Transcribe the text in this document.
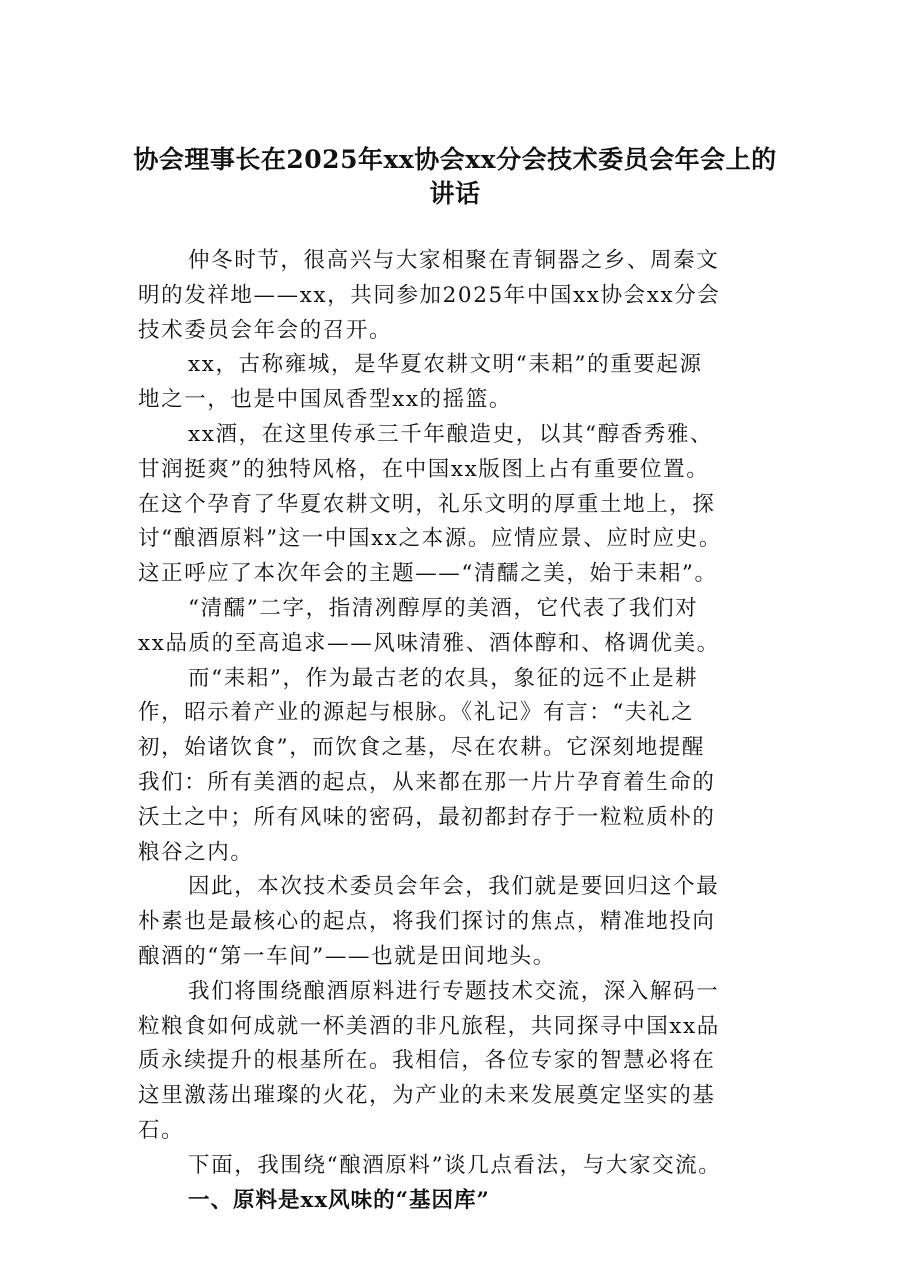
协会理事长在2025年xx协会xx分会技术委员会年会上的
讲话

仲冬时节，很高兴与大家相聚在青铜器之乡、周秦文
明的发祥地——xx，共同参加2025年中国xx协会xx分会
技术委员会年会的召开。

xx，古称雍城，是华夏农耕文明“耒耜”的重要起源
地之一，也是中国凤香型xx的摇篮。

xx酒，在这里传承三千年酿造史，以其“醇香秀雅、
甘润挺爽”的独特风格，在中国xx版图上占有重要位置。
在这个孕育了华夏农耕文明，礼乐文明的厚重土地上，探
讨“酿酒原料”这一中国xx之本源。应情应景、应时应史。
这正呼应了本次年会的主题——“清醹之美，始于耒耜”。

“清醹”二字，指清冽醇厚的美酒，它代表了我们对
xx品质的至高追求——风味清雅、酒体醇和、格调优美。

而“耒耜”，作为最古老的农具，象征的远不止是耕
作，昭示着产业的源起与根脉。《礼记》有言：“夫礼之
初，始诸饮食”，而饮食之基，尽在农耕。它深刻地提醒
我们：所有美酒的起点，从来都在那一片片孕育着生命的
沃土之中；所有风味的密码，最初都封存于一粒粒质朴的
粮谷之内。

因此，本次技术委员会年会，我们就是要回归这个最
朴素也是最核心的起点，将我们探讨的焦点，精准地投向
酿酒的“第一车间”——也就是田间地头。

我们将围绕酿酒原料进行专题技术交流，深入解码一
粒粮食如何成就一杯美酒的非凡旅程，共同探寻中国xx品
质永续提升的根基所在。我相信，各位专家的智慧必将在
这里激荡出璀璨的火花，为产业的未来发展奠定坚实的基
石。

下面，我围绕“酿酒原料”谈几点看法，与大家交流。

一、原料是xx风味的“基因库”
